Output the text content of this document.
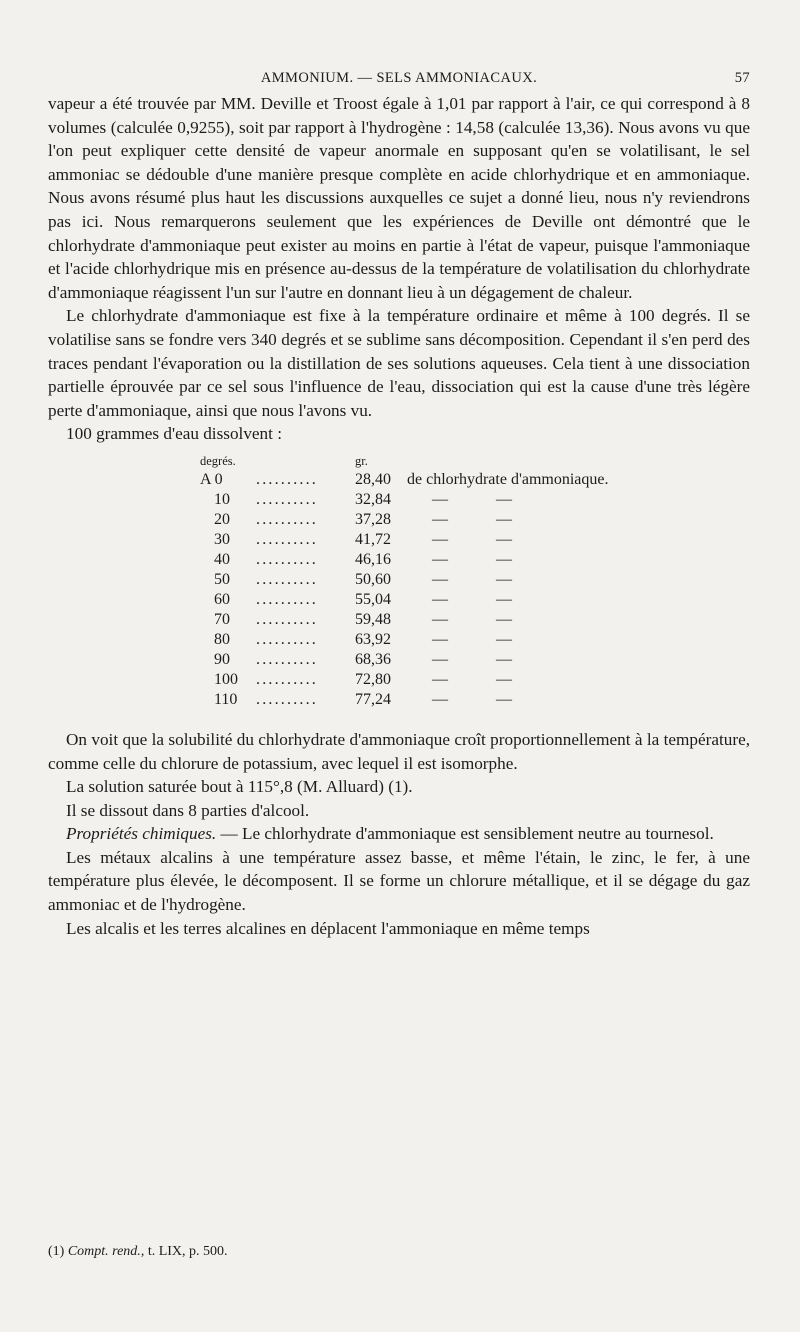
AMMONIUM. — SELS AMMONIACAUX.	57

vapeur a été trouvée par MM. Deville et Troost égale à 1,01 par rapport à l'air, ce qui correspond à 8 volumes (calculée 0,9255), soit par rapport à l'hydrogène : 14,58 (calculée 13,36). Nous avons vu que l'on peut expliquer cette densité de vapeur anormale en supposant qu'en se volatilisant, le sel ammoniac se dédouble d'une manière presque complète en acide chlorhydrique et en ammoniaque. Nous avons résumé plus haut les discussions auxquelles ce sujet a donné lieu, nous n'y reviendrons pas ici. Nous remarquerons seulement que les expériences de Deville ont démontré que le chlorhydrate d'ammoniaque peut exister au moins en partie à l'état de vapeur, puisque l'ammoniaque et l'acide chlorhydrique mis en présence au-dessus de la température de volatilisation du chlorhydrate d'ammoniaque réagissent l'un sur l'autre en donnant lieu à un dégagement de chaleur.

Le chlorhydrate d'ammoniaque est fixe à la température ordinaire et même à 100 degrés. Il se volatilise sans se fondre vers 340 degrés et se sublime sans décomposition. Cependant il s'en perd des traces pendant l'évaporation ou la distillation de ses solutions aqueuses. Cela tient à une dissociation partielle éprouvée par ce sel sous l'influence de l'eau, dissociation qui est la cause d'une très légère perte d'ammoniaque, ainsi que nous l'avons vu.

100 grammes d'eau dissolvent :

degrés.	gr.
A 0 ..........	28,40 de chlorhydrate d'ammoniaque.
10 ..........	32,84	—	—
20 ..........	37,28	—	—
30 ..........	41,72	—	—
40 ..........	46,16	—	—
50 ..........	50,60	—	—
60 ..........	55,04	—	—
70 ..........	59,48	—	—
80 ..........	63,92	—	—
90 ..........	68,36	—	—
100 ..........	72,80	—	—
110 ..........	77,24	—	—

On voit que la solubilité du chlorhydrate d'ammoniaque croît proportionnellement à la température, comme celle du chlorure de potassium, avec lequel il est isomorphe.

La solution saturée bout à 115°,8 (M. Alluard) (1).

Il se dissout dans 8 parties d'alcool.

Propriétés chimiques. — Le chlorhydrate d'ammoniaque est sensiblement neutre au tournesol.

Les métaux alcalins à une température assez basse, et même l'étain, le zinc, le fer, à une température plus élevée, le décomposent. Il se forme un chlorure métallique, et il se dégage du gaz ammoniac et de l'hydrogène.

Les alcalis et les terres alcalines en déplacent l'ammoniaque en même temps

(1) Compt. rend., t. LIX, p. 500.
